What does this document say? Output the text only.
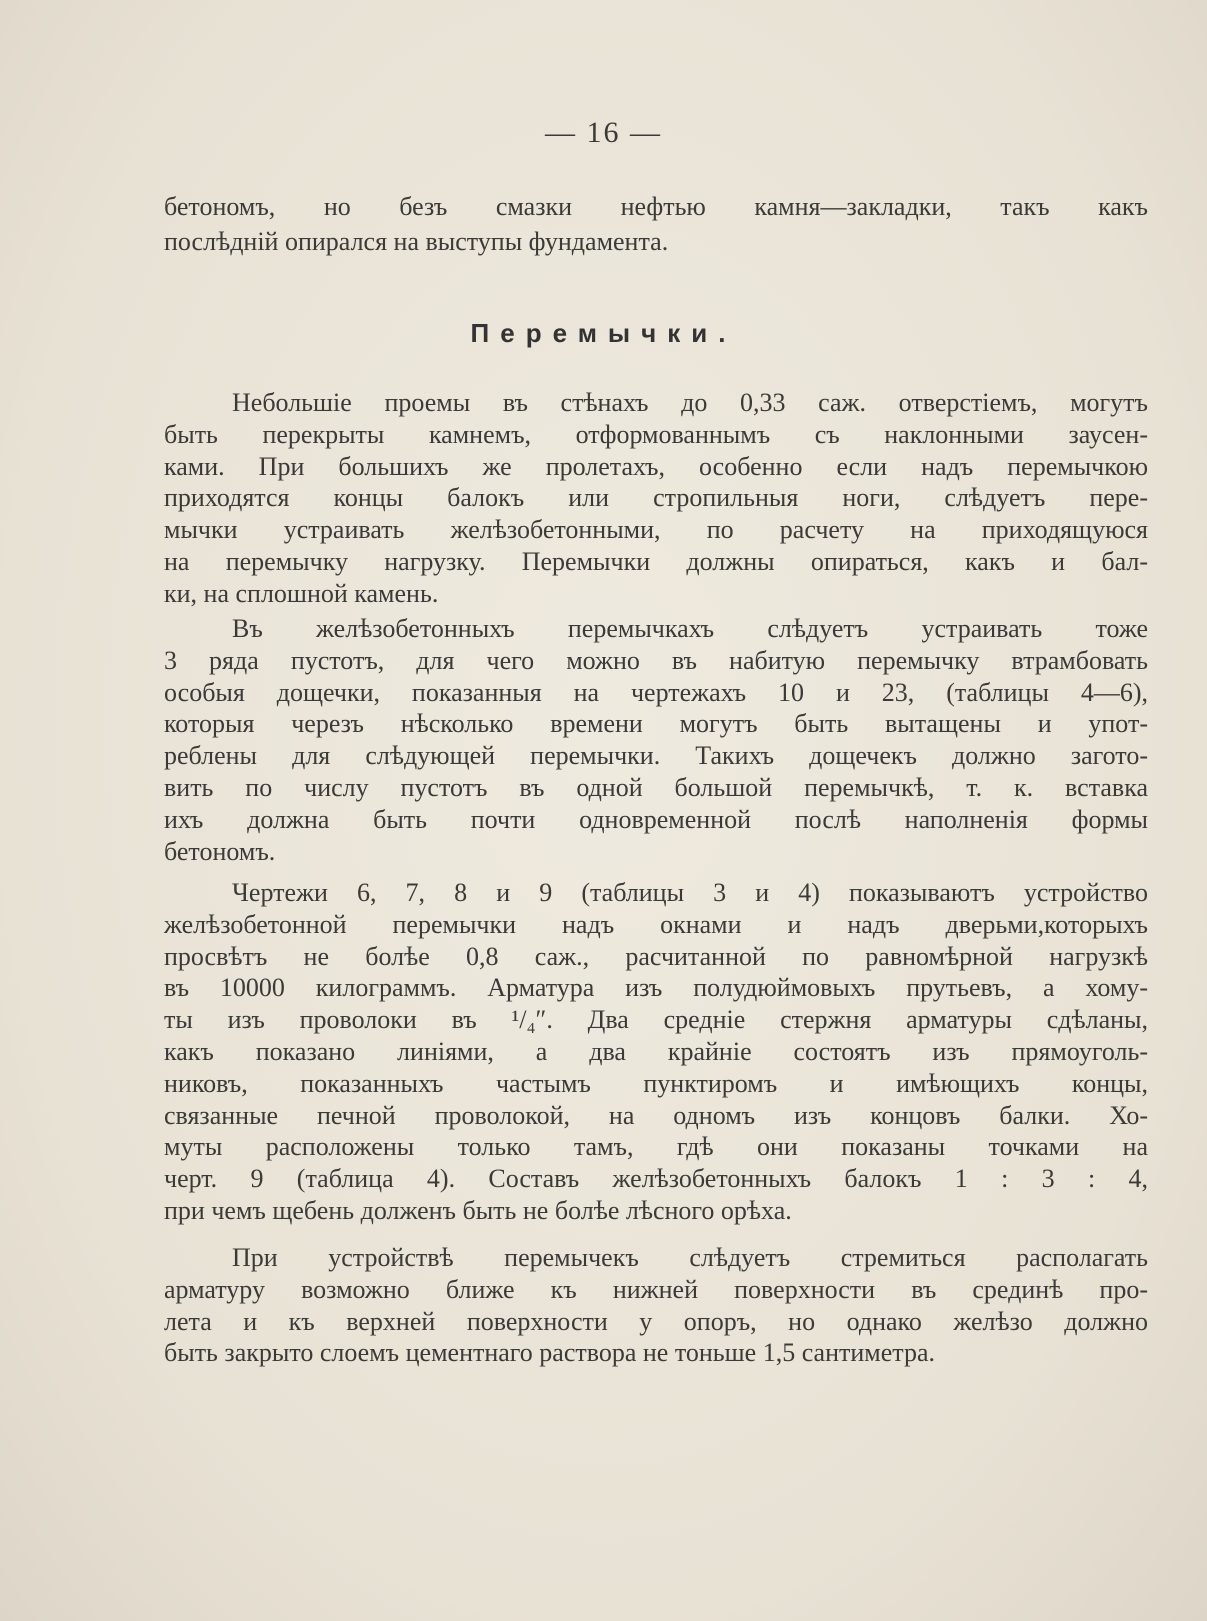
— 16 —
бетономъ, но безъ смазки нефтью камня—закладки, такъ какъ
послѣднiй опирался на выступы фундамента.
Перемычки.
Небольшiе проемы въ стѣнахъ до 0,33 саж. отверстiемъ, могутъ
быть перекрыты камнемъ, отформованнымъ съ наклонными заусен-
ками. При большихъ же пролетахъ, особенно если надъ перемычкою
приходятся концы балокъ или стропильныя ноги, слѣдуетъ пере-
мычки устраивать желѣзобетонными, по расчету на приходящуюся
на перемычку нагрузку. Перемычки должны опираться, какъ и бал-
ки, на сплошной камень.
Въ желѣзобетонныхъ перемычкахъ слѣдуетъ устраивать тоже
3 ряда пустотъ, для чего можно въ набитую перемычку втрамбовать
особыя дощечки, показанныя на чертежахъ 10 и 23, (таблицы 4—6),
которыя черезъ нѣсколько времени могутъ быть вытащены и упот-
реблены для слѣдующей перемычки. Такихъ дощечекъ должно загото-
вить по числу пустотъ въ одной большой перемычкѣ, т. к. вставка
ихъ должна быть почти одновременной послѣ наполненiя формы
бетономъ.
Чертежи 6, 7, 8 и 9 (таблицы 3 и 4) показываютъ устройство
желѣзобетонной перемычки надъ окнами и надъ дверьми,которыхъ
просвѣтъ не болѣе 0,8 саж., расчитанной по равномѣрной нагрузкѣ
въ 10000 килограммъ. Арматура изъ полудюймовыхъ прутьевъ, а хому-
ты изъ проволоки въ ¹/₄″. Два среднiе стержня арматуры сдѣланы,
какъ показано линiями, а два крайнiе состоятъ изъ прямоуголь-
никовъ, показанныхъ частымъ пунктиромъ и имѣющихъ концы,
связанные печной проволокой, на одномъ изъ концовъ балки. Хо-
муты расположены только тамъ, гдѣ они показаны точками на
черт. 9 (таблица 4). Составъ желѣзобетонныхъ балокъ 1 : 3 : 4,
при чемъ щебень долженъ быть не болѣе лѣсного орѣха.
При устройствѣ перемычекъ слѣдуетъ стремиться располагать
арматуру возможно ближе къ нижней поверхности въ срединѣ про-
лета и къ верхней поверхности у опоръ, но однако желѣзо должно
быть закрыто слоемъ цементнаго раствора не тоньше 1,5 сантиметра.
